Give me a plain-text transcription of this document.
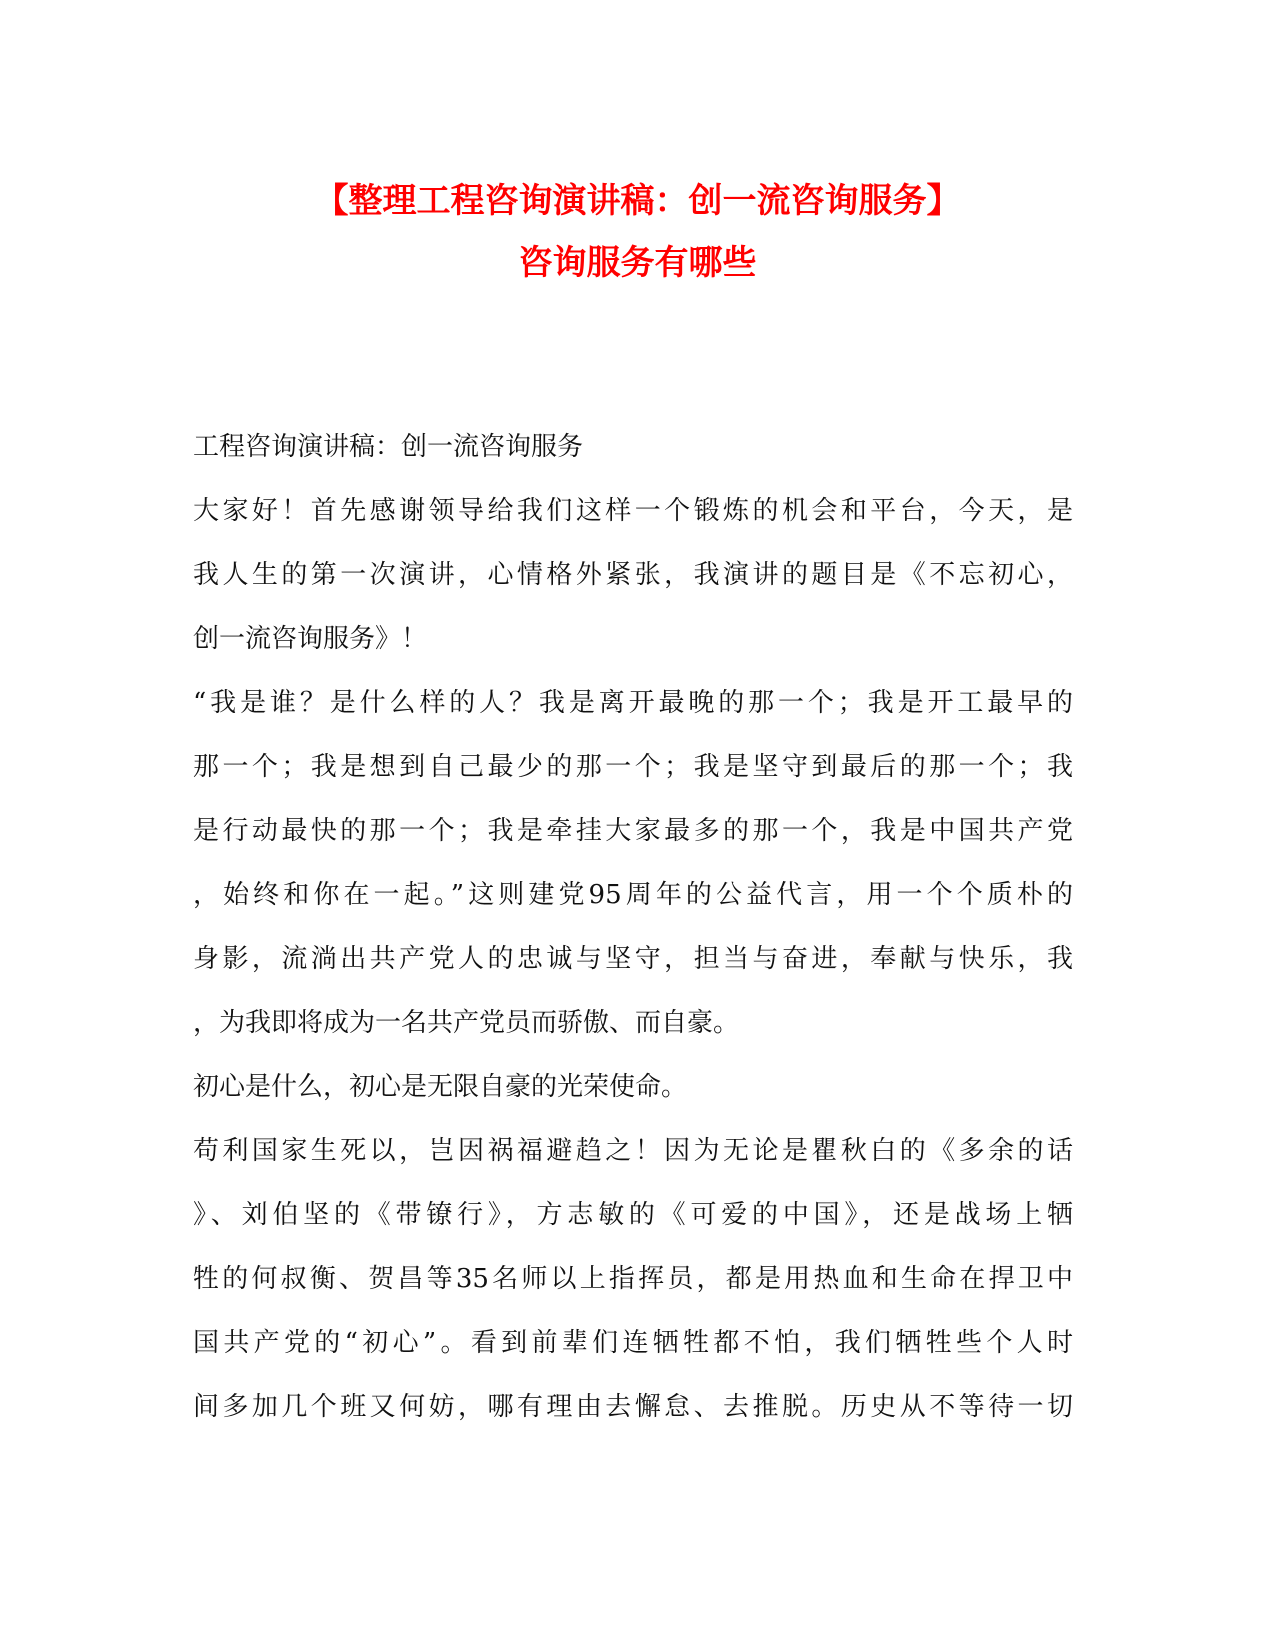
【整理工程咨询演讲稿：创一流咨询服务】
咨询服务有哪些
工程咨询演讲稿：创一流咨询服务
大家好！首先感谢领导给我们这样一个锻炼的机会和平台，今天，是
我人生的第一次演讲，心情格外紧张，我演讲的题目是《不忘初心，
创一流咨询服务》！
“我是谁？是什么样的人？我是离开最晚的那一个；我是开工最早的
那一个；我是想到自己最少的那一个；我是坚守到最后的那一个；我
是行动最快的那一个；我是牵挂大家最多的那一个，我是中国共产党
，始终和你在一起。”这则建党95周年的公益代言，用一个个质朴的
身影，流淌出共产党人的忠诚与坚守，担当与奋进，奉献与快乐，我
，为我即将成为一名共产党员而骄傲、而自豪。
初心是什么，初心是无限自豪的光荣使命。
苟利国家生死以，岂因祸福避趋之！因为无论是瞿秋白的《多余的话
》、刘伯坚的《带镣行》，方志敏的《可爱的中国》，还是战场上牺
牲的何叔衡、贺昌等35名师以上指挥员，都是用热血和生命在捍卫中
国共产党的“初心”。看到前辈们连牺牲都不怕，我们牺牲些个人时
间多加几个班又何妨，哪有理由去懈怠、去推脱。历史从不等待一切
